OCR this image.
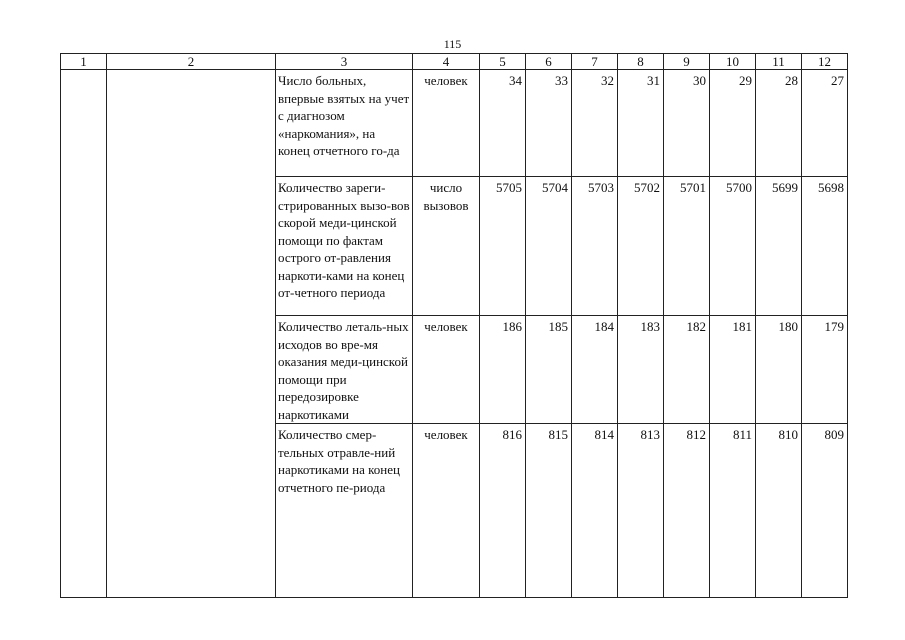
115
1	2	3	4	5	6	7	8	9	10	11	12
		Число больных, впервые взятых на учет с диагнозом «наркомания», на конец отчетного го-да	человек	34	33	32	31	30	29	28	27
		Количество зареги-стрированных вызо-вов скорой меди-цинской помощи по фактам острого от-равления наркоти-ками на конец от-четного периода	число вызовов	5705	5704	5703	5702	5701	5700	5699	5698
		Количество леталь-ных исходов во вре-мя оказания меди-цинской помощи при передозировке наркотиками	человек	186	185	184	183	182	181	180	179
		Количество смер-тельных отравле-ний наркотиками на конец отчетного пе-риода	человек	816	815	814	813	812	811	810	809
